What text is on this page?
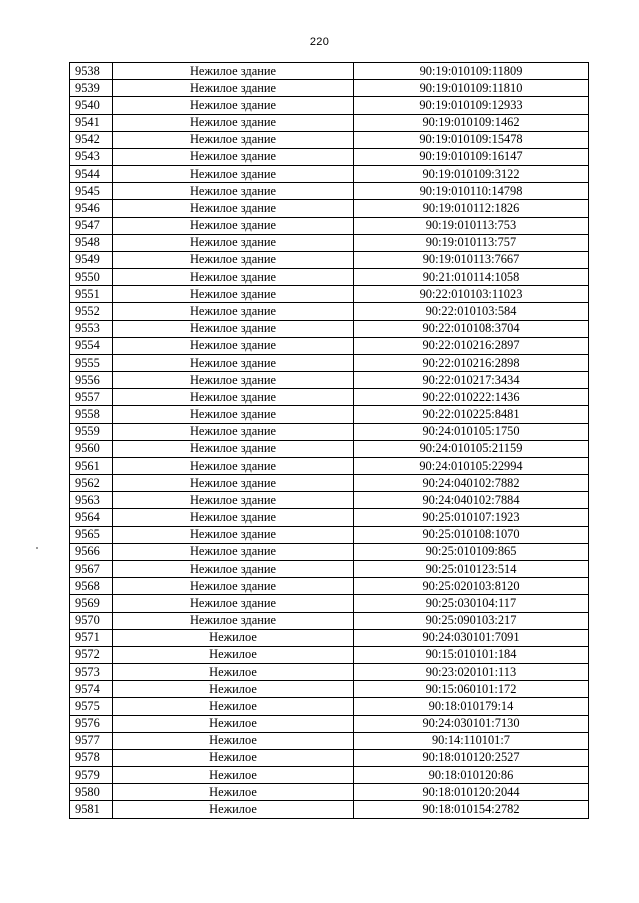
220
9538	Нежилое здание	90:19:010109:11809
9539	Нежилое здание	90:19:010109:11810
9540	Нежилое здание	90:19:010109:12933
9541	Нежилое здание	90:19:010109:1462
9542	Нежилое здание	90:19:010109:15478
9543	Нежилое здание	90:19:010109:16147
9544	Нежилое здание	90:19:010109:3122
9545	Нежилое здание	90:19:010110:14798
9546	Нежилое здание	90:19:010112:1826
9547	Нежилое здание	90:19:010113:753
9548	Нежилое здание	90:19:010113:757
9549	Нежилое здание	90:19:010113:7667
9550	Нежилое здание	90:21:010114:1058
9551	Нежилое здание	90:22:010103:11023
9552	Нежилое здание	90:22:010103:584
9553	Нежилое здание	90:22:010108:3704
9554	Нежилое здание	90:22:010216:2897
9555	Нежилое здание	90:22:010216:2898
9556	Нежилое здание	90:22:010217:3434
9557	Нежилое здание	90:22:010222:1436
9558	Нежилое здание	90:22:010225:8481
9559	Нежилое здание	90:24:010105:1750
9560	Нежилое здание	90:24:010105:21159
9561	Нежилое здание	90:24:010105:22994
9562	Нежилое здание	90:24:040102:7882
9563	Нежилое здание	90:24:040102:7884
9564	Нежилое здание	90:25:010107:1923
9565	Нежилое здание	90:25:010108:1070
9566	Нежилое здание	90:25:010109:865
9567	Нежилое здание	90:25:010123:514
9568	Нежилое здание	90:25:020103:8120
9569	Нежилое здание	90:25:030104:117
9570	Нежилое здание	90:25:090103:217
9571	Нежилое	90:24:030101:7091
9572	Нежилое	90:15:010101:184
9573	Нежилое	90:23:020101:113
9574	Нежилое	90:15:060101:172
9575	Нежилое	90:18:010179:14
9576	Нежилое	90:24:030101:7130
9577	Нежилое	90:14:110101:7
9578	Нежилое	90:18:010120:2527
9579	Нежилое	90:18:010120:86
9580	Нежилое	90:18:010120:2044
9581	Нежилое	90:18:010154:2782
